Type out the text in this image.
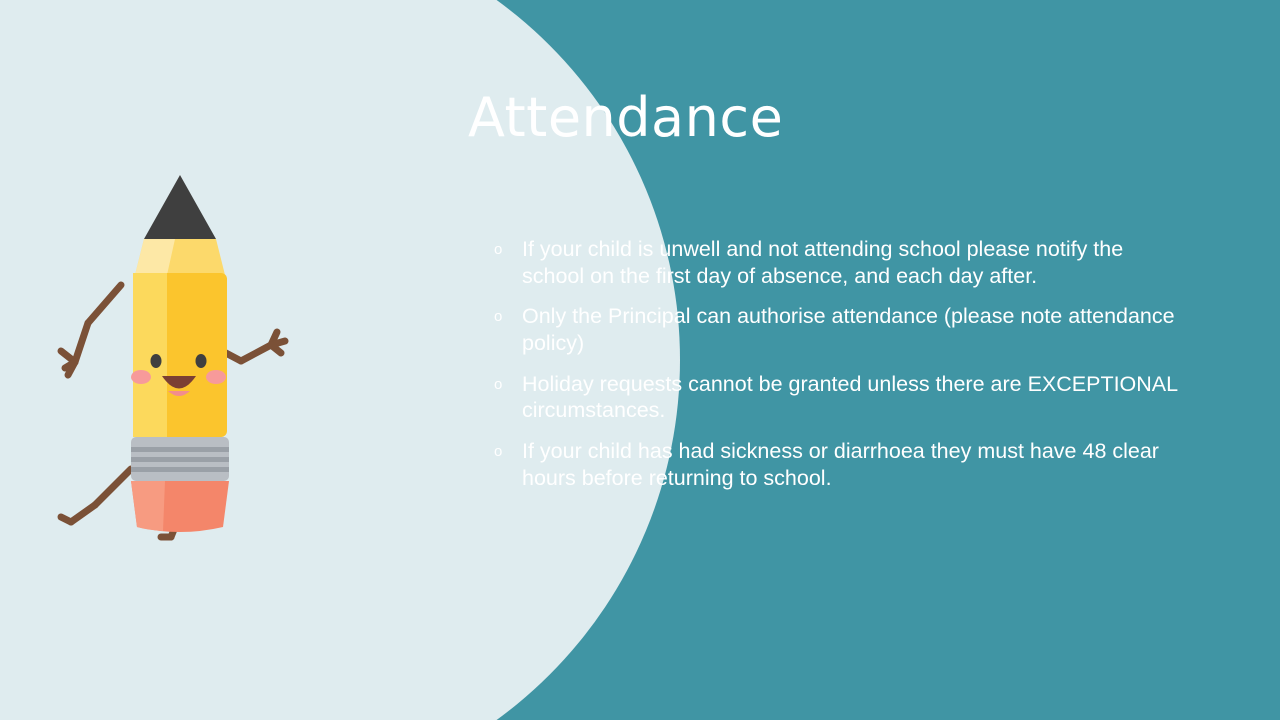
Attendance
o If your child is unwell and not attending school please notify the school on the first day of absence, and each day after.
o Only the Principal can authorise attendance (please note attendance policy)
o Holiday requests cannot be granted unless there are EXCEPTIONAL circumstances.
o If your child has had sickness or diarrhoea they must have 48 clear hours before returning to school.
